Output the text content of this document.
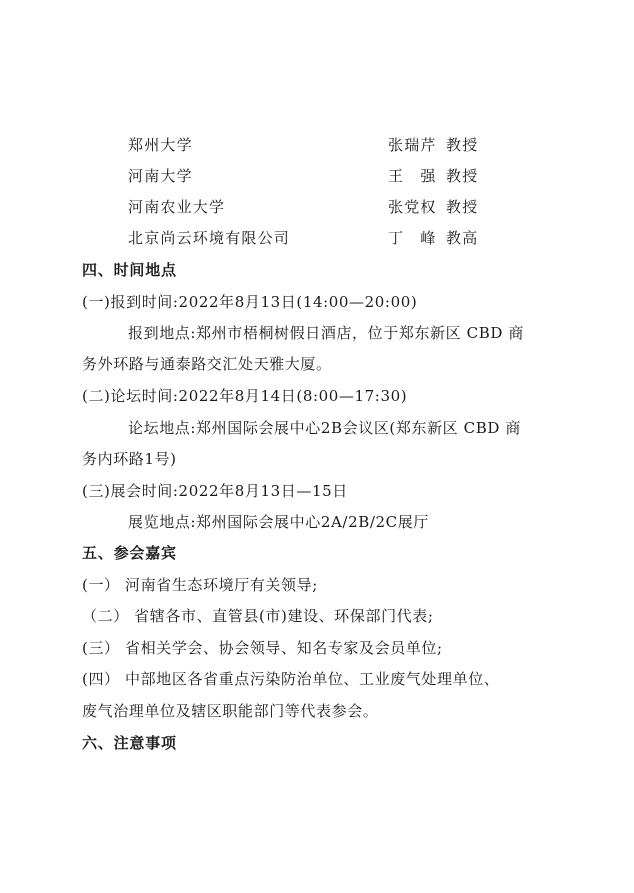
郑州大学	张瑞芹 教授
河南大学	王　强 教授
河南农业大学	张党权 教授
北京尚云环境有限公司	丁　峰 教高
四、时间地点
(一)报到时间:2022年8月13日(14:00—20:00)
报到地点:郑州市梧桐树假日酒店，位于郑东新区 CBD 商
务外环路与通泰路交汇处天雅大厦。
(二)论坛时间:2022年8月14日(8:00—17:30)
论坛地点:郑州国际会展中心2B会议区(郑东新区 CBD 商
务内环路1号)
(三)展会时间:2022年8月13日—15日
展览地点:郑州国际会展中心2A/2B/2C展厅
五、参会嘉宾
(一） 河南省生态环境厅有关领导;
（二） 省辖各市、直管县(市)建设、环保部门代表;
(三） 省相关学会、协会领导、知名专家及会员单位;
(四） 中部地区各省重点污染防治单位、工业废气处理单位、
废气治理单位及辖区职能部门等代表参会。
六、注意事项
